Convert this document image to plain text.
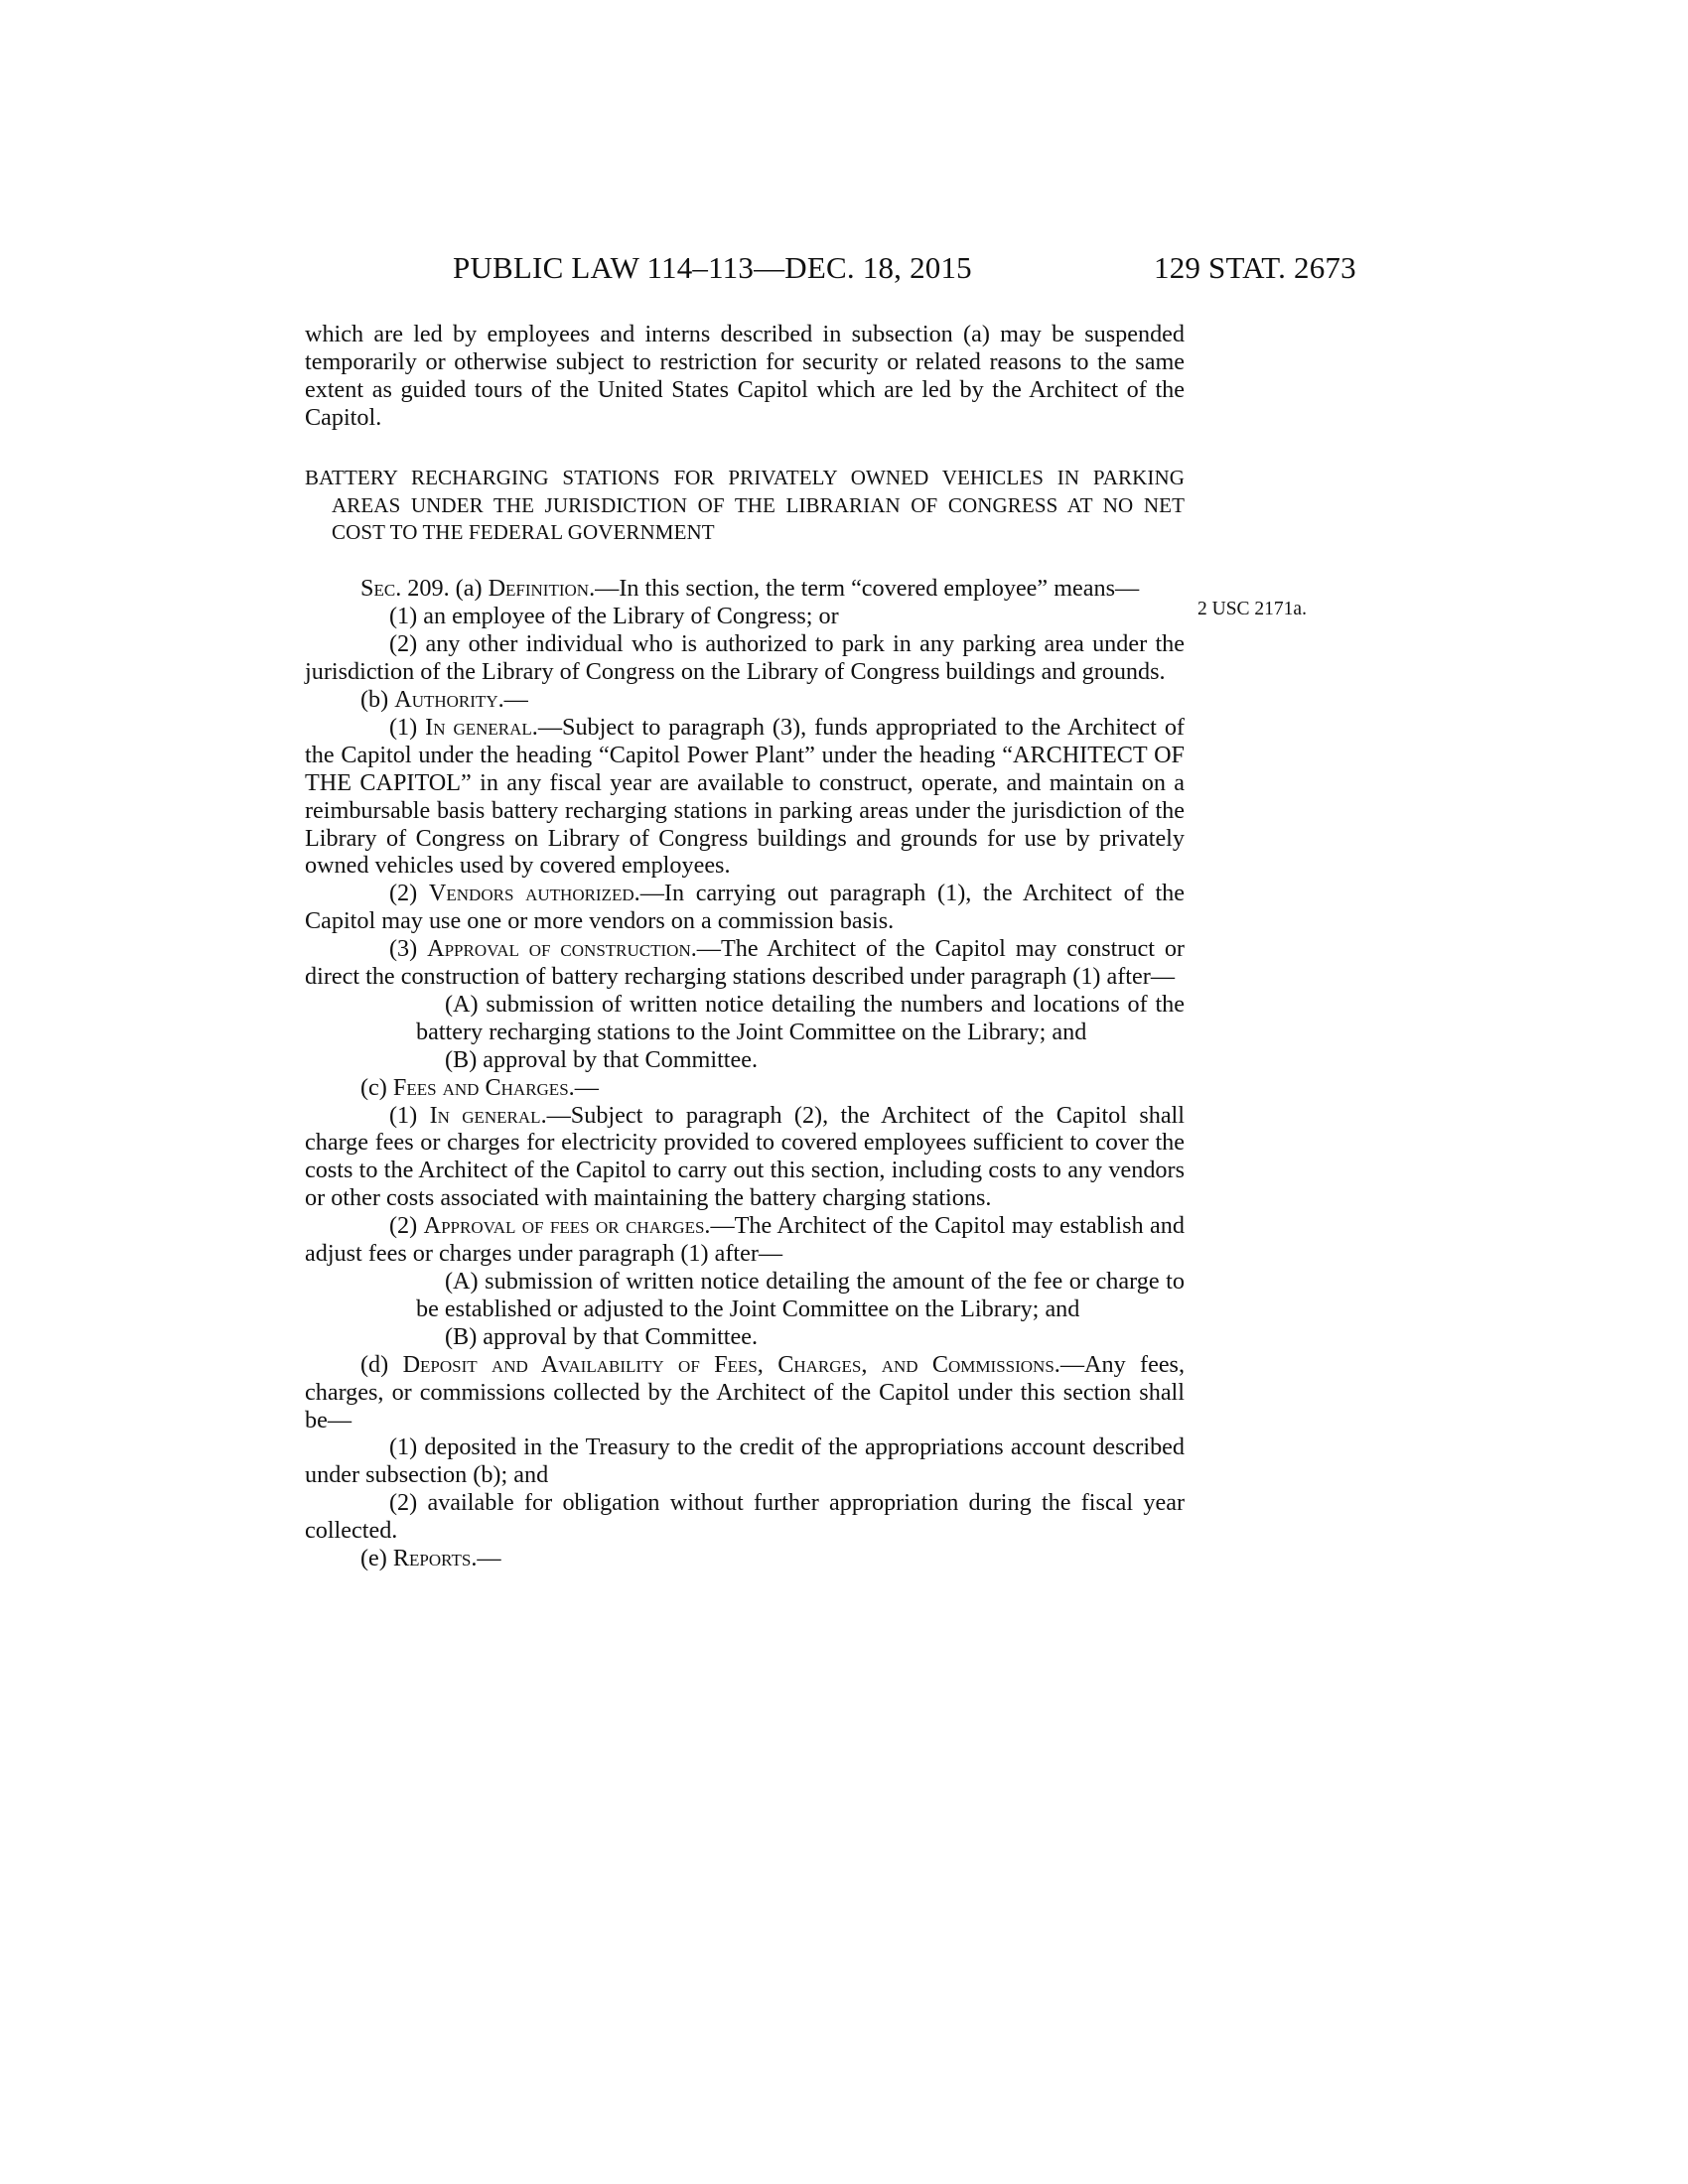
PUBLIC LAW 114–113—DEC. 18, 2015	129 STAT. 2673
2 USC 2171a.

which are led by employees and interns described in subsection (a) may be suspended temporarily or otherwise subject to restriction for security or related reasons to the same extent as guided tours of the United States Capitol which are led by the Architect of the Capitol.

BATTERY RECHARGING STATIONS FOR PRIVATELY OWNED VEHICLES IN PARKING AREAS UNDER THE JURISDICTION OF THE LIBRARIAN OF CONGRESS AT NO NET COST TO THE FEDERAL GOVERNMENT

Sec. 209. (a) Definition.—In this section, the term “covered employee” means—

(1) an employee of the Library of Congress; or

(2) any other individual who is authorized to park in any parking area under the jurisdiction of the Library of Congress on the Library of Congress buildings and grounds.

(b) Authority.—

(1) In general.—Subject to paragraph (3), funds appropriated to the Architect of the Capitol under the heading “Capitol Power Plant” under the heading “ARCHITECT OF THE CAPITOL” in any fiscal year are available to construct, operate, and maintain on a reimbursable basis battery recharging stations in parking areas under the jurisdiction of the Library of Congress on Library of Congress buildings and grounds for use by privately owned vehicles used by covered employees.

(2) Vendors authorized.—In carrying out paragraph (1), the Architect of the Capitol may use one or more vendors on a commission basis.

(3) Approval of construction.—The Architect of the Capitol may construct or direct the construction of battery recharging stations described under paragraph (1) after—

(A) submission of written notice detailing the numbers and locations of the battery recharging stations to the Joint Committee on the Library; and

(B) approval by that Committee.

(c) Fees and Charges.—

(1) In general.—Subject to paragraph (2), the Architect of the Capitol shall charge fees or charges for electricity provided to covered employees sufficient to cover the costs to the Architect of the Capitol to carry out this section, including costs to any vendors or other costs associated with maintaining the battery charging stations.

(2) Approval of fees or charges.—The Architect of the Capitol may establish and adjust fees or charges under paragraph (1) after—

(A) submission of written notice detailing the amount of the fee or charge to be established or adjusted to the Joint Committee on the Library; and

(B) approval by that Committee.

(d) Deposit and Availability of Fees, Charges, and Commissions.—Any fees, charges, or commissions collected by the Architect of the Capitol under this section shall be—

(1) deposited in the Treasury to the credit of the appropriations account described under subsection (b); and

(2) available for obligation without further appropriation during the fiscal year collected.

(e) Reports.—
